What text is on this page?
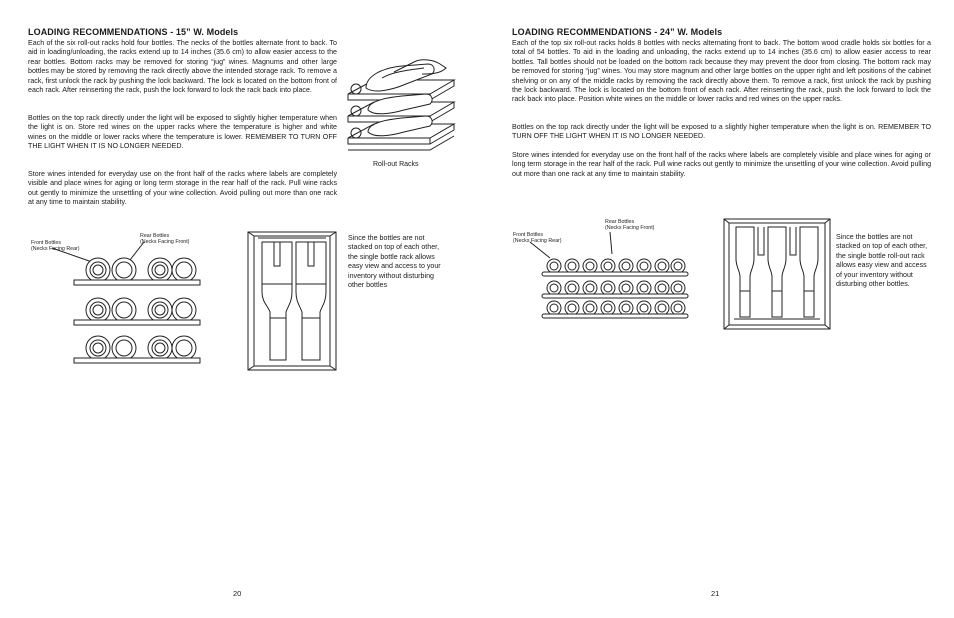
LOADING RECOMMENDATIONS - 15” W. Models
Each of the six roll-out racks hold four bottles. The necks of the bottles alternate front to back. To aid in loading/unloading, the racks extend up to 14 inches (35.6 cm) to allow easier access to the rear bottles. Bottom racks may be removed for storing “jug” wines. Magnums and other large bottles may be stored by removing the rack directly above the intended storage rack. To remove a rack, first unlock the rack by pushing the lock backward. The lock is located on the bottom front of each rack. After reinserting the rack, push the lock forward to lock the rack back into place.
Bottles on the top rack directly under the light will be exposed to slightly higher temperature when the light is on. Store red wines on the upper racks where the temperature is higher and white wines on the middle or lower racks where the temperature is lower. REMEMBER TO TURN OFF THE LIGHT WHEN IT IS NO LONGER NEEDED.
Store wines intended for everyday use on the front half of the racks where labels are completely visible and place wines for aging or long term storage in the rear half of the rack. Pull wine racks out gently to minimize the unsettling of your wine collection. Avoid pulling out more than one rack at any time to maintain stability.
Roll-out Racks
Front Bottles
(Necks Facing Rear)
Rear Bottles
(Necks Facing Front)
Since the bottles are not stacked on top of each other, the single bottle rack allows easy view and access to your inventory without disturbing other bottles
20
LOADING RECOMMENDATIONS - 24” W. Models
Each of the top six roll-out racks holds 8 bottles with necks alternating front to back. The bottom wood cradle holds six bottles for a total of 54 bottles. To aid in the loading and unloading, the racks extend up to 14 inches (35.6 cm) to allow easier access to rear bottles. Tall bottles should not be loaded on the bottom rack because they may prevent the door from closing. The bottom rack may be removed for storing “jug” wines. You may store magnum and other large bottles on the upper right and left positions of the cabinet shelving or on any of the middle racks by removing the rack directly above them. To remove a rack, first unlock the rack by pushing the lock backward. The lock is located on the bottom front of each rack. After reinserting the rack, push the lock forward to lock the rack back into place. Position white wines on the middle or lower racks and red wines on the upper racks.
Bottles on the top rack directly under the light will be exposed to a slightly higher temperature when the light is on. REMEMBER TO TURN OFF THE LIGHT WHEN IT IS NO LONGER NEEDED.
Store wines intended for everyday use on the front half of the racks where labels are completely visible and place wines for aging or long term storage in the rear half of the rack. Pull wine racks out gently to minimize the unsettling of your wine collection. Avoid pulling out more than one rack at any time to maintain stability.
Front Bottles
(Necks Facing Rear)
Rear Bottles
(Necks Facing Front)
Since the bottles are not stacked on top of each other, the single bottle roll-out rack allows easy view and access of your inventory without disturbing other bottles.
21
